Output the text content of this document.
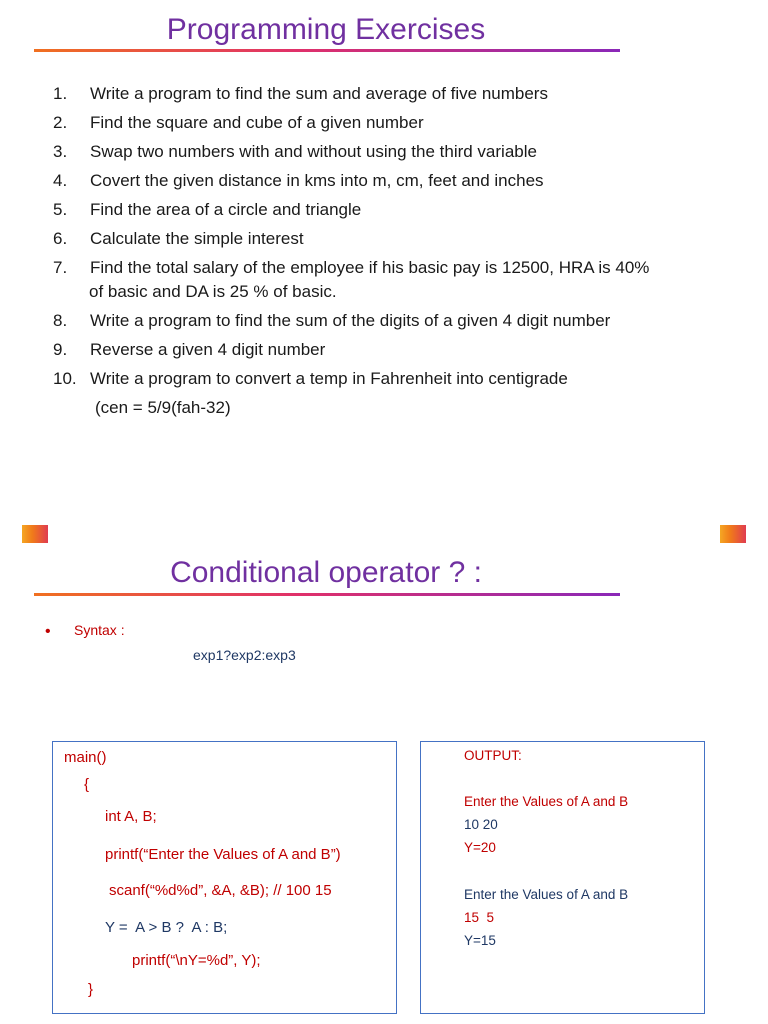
Programming Exercises
1. Write a program to find the sum and average of five numbers
2. Find the square and cube of a given number
3. Swap two numbers with and without using the third variable
4. Covert the given distance in kms into m, cm, feet and inches
5. Find the area of a circle and triangle
6. Calculate the simple interest
7. Find the total salary of the employee if his basic pay is 12500, HRA is 40%
of basic and DA is 25 % of basic.
8. Write a program to find the sum of the digits of a given 4 digit number
9. Reverse a given 4 digit number
10. Write a program to convert a temp in Fahrenheit into centigrade
(cen = 5/9(fah-32)
Conditional operator ? :
• Syntax :
exp1?exp2:exp3
main()
{
int A, B;
printf(“Enter the Values of A and B”)
scanf(“%d%d”, &A, &B); // 100 15
Y =  A > B ?  A : B;
printf(“\nY=%d”, Y);
}
OUTPUT:
Enter the Values of A and B
10 20
Y=20
Enter the Values of A and B
15  5
Y=15
